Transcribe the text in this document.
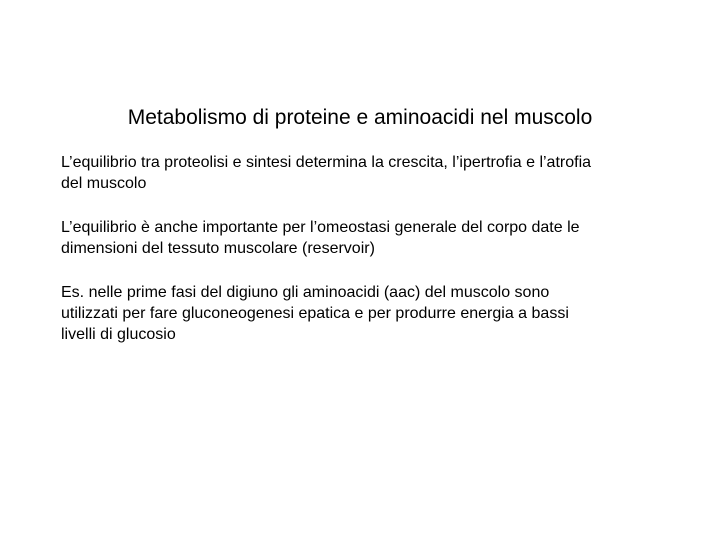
Metabolismo di proteine e aminoacidi nel muscolo

L’equilibrio tra proteolisi e sintesi determina la crescita, l’ipertrofia e l’atrofia
del muscolo

L’equilibrio è anche importante per l’omeostasi generale del corpo date le
dimensioni del tessuto muscolare (reservoir)

Es. nelle prime fasi del digiuno gli aminoacidi (aac) del muscolo sono
utilizzati per fare gluconeogenesi epatica e per produrre energia a bassi
livelli di glucosio
